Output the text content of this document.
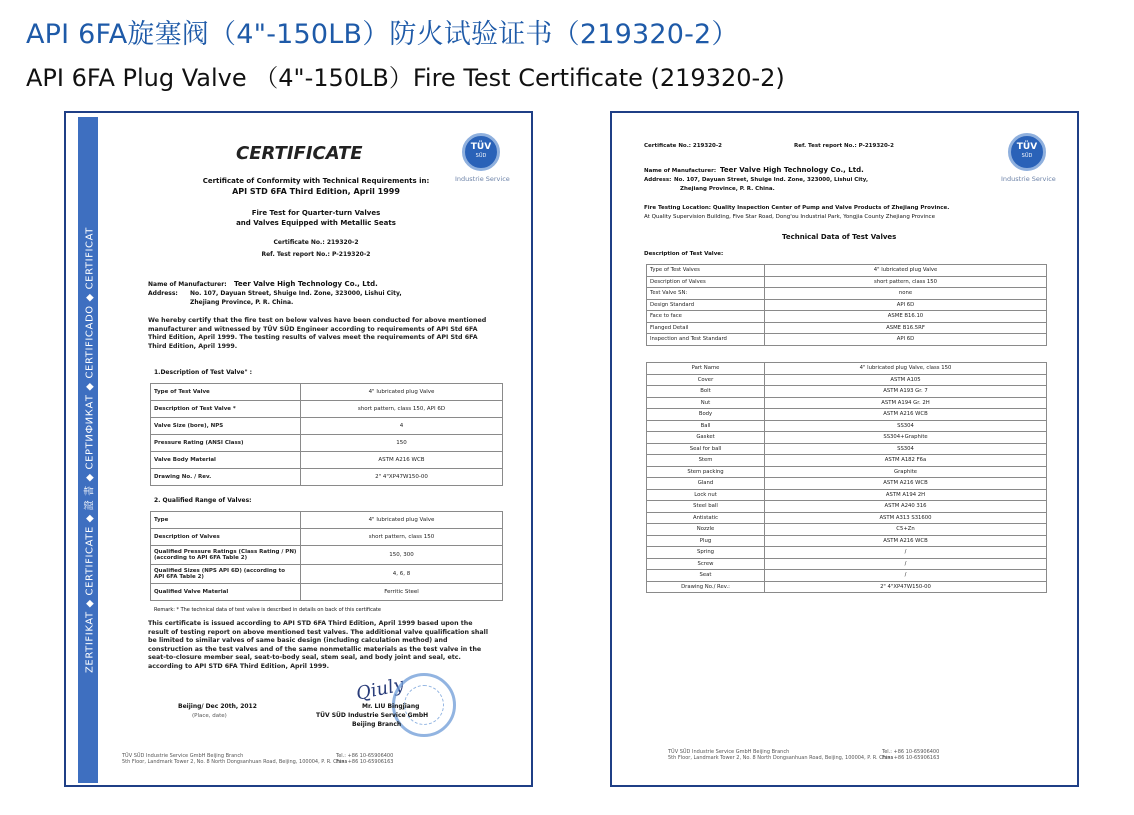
API 6FA旋塞阀（4"-150LB）防火试验证书（219320-2）
API 6FA Plug Valve （4"-150LB）Fire Test Certificate (219320-2)
ZERTIFIKAT ◆ CERTIFICATE ◆ 證 書 ◆ СЕРТИФИКАТ ◆ CERTIFICADO ◆ CERTIFICAT
TÜV
SÜD
Industrie Service
CERTIFICATE
Certificate of Conformity with Technical Requirements in:
API STD 6FA Third Edition, April 1999
Fire Test for Quarter-turn Valves
and Valves Equipped with Metallic Seats
Certificate No.: 219320-2
Ref. Test report No.: P-219320-2
Name of Manufacturer: Teer Valve High Technology Co., Ltd.
Address: No. 107, Dayuan Street, Shuige Ind. Zone, 323000, Lishui City,
Zhejiang Province, P. R. China.
We hereby certify that the fire test on below valves have been conducted for above mentioned manufacturer and witnessed by TÜV SÜD Engineer according to requirements of API Std 6FA Third Edition, April 1999. The testing results of valves meet the requirements of API Std 6FA Third Edition, April 1999.
1.Description of Test Valve" :
Type of Test Valve	4" lubricated plug Valve
Description of Test Valve *	short pattern, class 150, API 6D
Valve Size (bore), NPS	4
Pressure Rating (ANSI Class)	150
Valve Body Material	ASTM A216 WCB
Drawing No. / Rev.	2" 4"XP47W150-00
2. Qualified Range of Valves:
Type	4" lubricated plug Valve
Description of Valves	short pattern, class 150
Qualified Pressure Ratings (Class Rating / PN) (according to API 6FA Table 2)	150, 300
Qualified Sizes (NPS API 6D) (according to API 6FA Table 2)	4, 6, 8
Qualified Valve Material	Ferritic Steel
Remark: * The technical data of test valve is described in details on back of this certificate
This certificate is issued according to API STD 6FA Third Edition, April 1999 based upon the result of testing report on above mentioned test valves. The additional valve qualification shall be limited to similar valves of same basic design (including calculation method) and construction as the test valves and of the same nonmetallic materials as the test valve in the seat-to-closure member seal, seat-to-body seal, stem seal, and body joint and seal, etc. according to API STD 6FA Third Edition, April 1999.
Beijing/ Dec 20th, 2012
(Place, date)
Qiuly
Mr. LIU Bingjiang
TÜV SÜD Industrie Service GmbH
Beijing Branch
TÜV SÜD Industrie Service GmbH Beijing Branch
5th Floor, Landmark Tower 2, No. 8 North Dongsanhuan Road, Beijing, 100004, P. R. China
Tel.: +86 10-65906400
Fax: +86 10-65906163
TÜV
SÜD
Industrie Service
Certificate No.: 219320-2	Ref. Test report No.: P-219320-2
Name of Manufacturer: Teer Valve High Technology Co., Ltd.
Address: No. 107, Dayuan Street, Shuige Ind. Zone, 323000, Lishui City,
Zhejiang Province, P. R. China.
Fire Testing Location: Quality Inspection Center of Pump and Valve Products of Zhejiang Province.
At Quality Supervision Building, Five Star Road, Dong'ou Industrial Park, Yongjia County Zhejiang Province
Technical Data of Test Valves
Description of Test Valve:
Type of Test Valves	4" lubricated plug Valve
Description of Valves	short pattern, class 150
Test Valve SN:	none
Design Standard	API 6D
Face to face	ASME B16.10
Flanged Detail	ASME B16.5RF
Inspection and Test Standard	API 6D
Part Name	4" lubricated plug Valve, class 150
Cover	ASTM A105
Bolt	ASTM A193 Gr. 7
Nut	ASTM A194 Gr. 2H
Body	ASTM A216 WCB
Ball	SS304
Gasket	SS304+Graphite
Seal for ball	SS304
Stem	ASTM A182 F6a
Stem packing	Graphite
Gland	ASTM A216 WCB
Lock nut	ASTM A194 2H
Steel ball	ASTM A240 316
Antistatic	ASTM A313 S31600
Nozzle	C5+Zn
Plug	ASTM A216 WCB
Spring	/
Screw	/
Seat	/
Drawing No./ Rev.:	2" 4"XP47W150-00
TÜV SÜD Industrie Service GmbH Beijing Branch
5th Floor, Landmark Tower 2, No. 8 North Dongsanhuan Road, Beijing, 100004, P. R. China
Tel.: +86 10-65906400
Fax: +86 10-65906163
